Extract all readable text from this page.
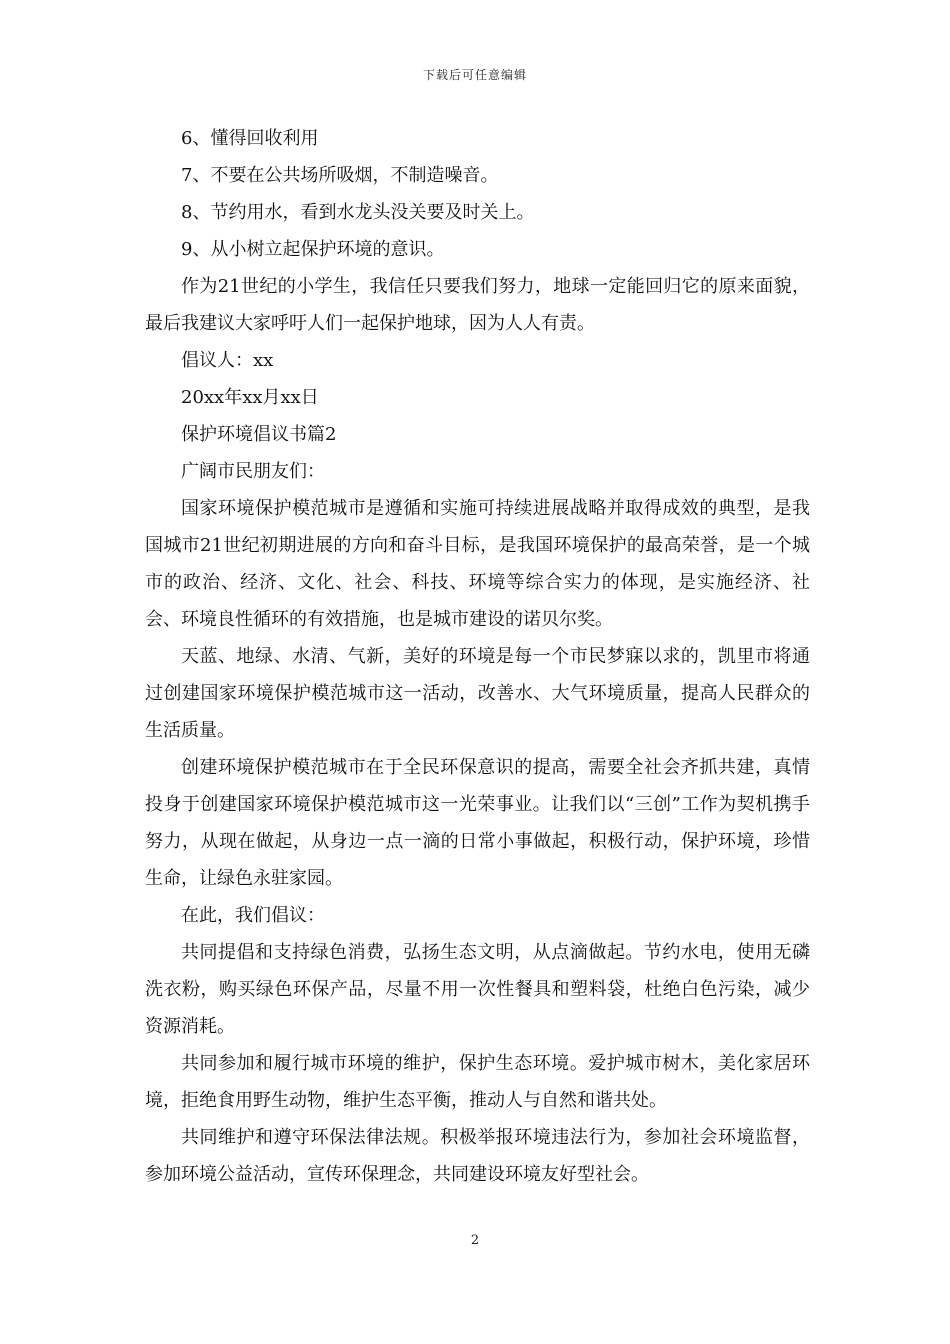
下载后可任意编辑

6、懂得回收利用

7、不要在公共场所吸烟，不制造噪音。

8、节约用水，看到水龙头没关要及时关上。

9、从小树立起保护环境的意识。

作为21世纪的小学生，我信任只要我们努力，地球一定能回归它的原来面貌，最后我建议大家呼吁人们一起保护地球，因为人人有责。

倡议人：xx

20xx年xx月xx日

保护环境倡议书篇2

广阔市民朋友们：

国家环境保护模范城市是遵循和实施可持续进展战略并取得成效的典型，是我国城市21世纪初期进展的方向和奋斗目标，是我国环境保护的最高荣誉，是一个城市的政治、经济、文化、社会、科技、环境等综合实力的体现，是实施经济、社会、环境良性循环的有效措施，也是城市建设的诺贝尔奖。

天蓝、地绿、水清、气新，美好的环境是每一个市民梦寐以求的，凯里市将通过创建国家环境保护模范城市这一活动，改善水、大气环境质量，提高人民群众的生活质量。

创建环境保护模范城市在于全民环保意识的提高，需要全社会齐抓共建，真情投身于创建国家环境保护模范城市这一光荣事业。让我们以“三创”工作为契机携手努力，从现在做起，从身边一点一滴的日常小事做起，积极行动，保护环境，珍惜生命，让绿色永驻家园。

在此，我们倡议：

共同提倡和支持绿色消费，弘扬生态文明，从点滴做起。节约水电，使用无磷洗衣粉，购买绿色环保产品，尽量不用一次性餐具和塑料袋，杜绝白色污染，减少资源消耗。

共同参加和履行城市环境的维护，保护生态环境。爱护城市树木，美化家居环境，拒绝食用野生动物，维护生态平衡，推动人与自然和谐共处。

共同维护和遵守环保法律法规。积极举报环境违法行为，参加社会环境监督，参加环境公益活动，宣传环保理念，共同建设环境友好型社会。

2
